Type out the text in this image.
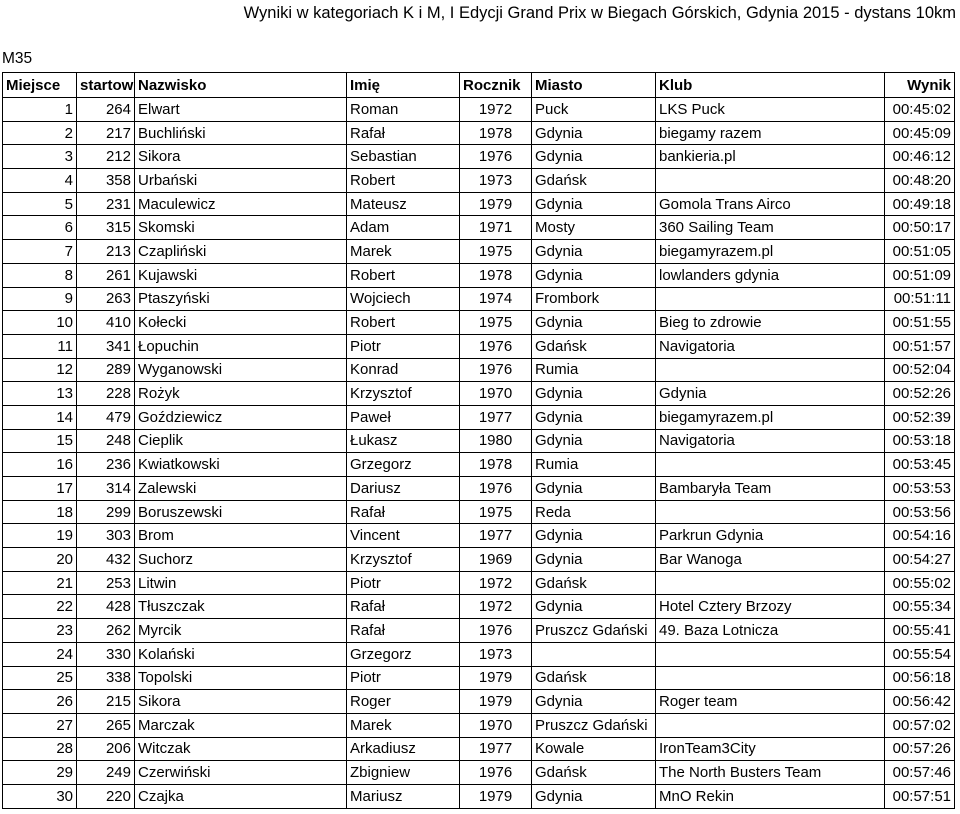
Wyniki w kategoriach K i M, I Edycji Grand Prix w Biegach Górskich, Gdynia 2015 - dystans 10km
M35
Miejsce	startow	Nazwisko	Imię	Rocznik	Miasto	Klub	Wynik
1	264	Elwart	Roman	1972	Puck	LKS Puck	00:45:02
2	217	Buchliński	Rafał	1978	Gdynia	biegamy razem	00:45:09
3	212	Sikora	Sebastian	1976	Gdynia	bankieria.pl	00:46:12
4	358	Urbański	Robert	1973	Gdańsk		00:48:20
5	231	Maculewicz	Mateusz	1979	Gdynia	Gomola Trans Airco	00:49:18
6	315	Skomski	Adam	1971	Mosty	360 Sailing Team	00:50:17
7	213	Czapliński	Marek	1975	Gdynia	biegamyrazem.pl	00:51:05
8	261	Kujawski	Robert	1978	Gdynia	lowlanders gdynia	00:51:09
9	263	Ptaszyński	Wojciech	1974	Frombork		00:51:11
10	410	Kołecki	Robert	1975	Gdynia	Bieg to zdrowie	00:51:55
11	341	Łopuchin	Piotr	1976	Gdańsk	Navigatoria	00:51:57
12	289	Wyganowski	Konrad	1976	Rumia		00:52:04
13	228	Rożyk	Krzysztof	1970	Gdynia	Gdynia	00:52:26
14	479	Goździewicz	Paweł	1977	Gdynia	biegamyrazem.pl	00:52:39
15	248	Cieplik	Łukasz	1980	Gdynia	Navigatoria	00:53:18
16	236	Kwiatkowski	Grzegorz	1978	Rumia		00:53:45
17	314	Zalewski	Dariusz	1976	Gdynia	Bambaryła Team	00:53:53
18	299	Boruszewski	Rafał	1975	Reda		00:53:56
19	303	Brom	Vincent	1977	Gdynia	Parkrun Gdynia	00:54:16
20	432	Suchorz	Krzysztof	1969	Gdynia	Bar Wanoga	00:54:27
21	253	Litwin	Piotr	1972	Gdańsk		00:55:02
22	428	Tłuszczak	Rafał	1972	Gdynia	Hotel Cztery Brzozy	00:55:34
23	262	Myrcik	Rafał	1976	Pruszcz Gdański	49. Baza Lotnicza	00:55:41
24	330	Kolański	Grzegorz	1973			00:55:54
25	338	Topolski	Piotr	1979	Gdańsk		00:56:18
26	215	Sikora	Roger	1979	Gdynia	Roger team	00:56:42
27	265	Marczak	Marek	1970	Pruszcz Gdański		00:57:02
28	206	Witczak	Arkadiusz	1977	Kowale	IronTeam3City	00:57:26
29	249	Czerwiński	Zbigniew	1976	Gdańsk	The North Busters Team	00:57:46
30	220	Czajka	Mariusz	1979	Gdynia	MnO Rekin	00:57:51
